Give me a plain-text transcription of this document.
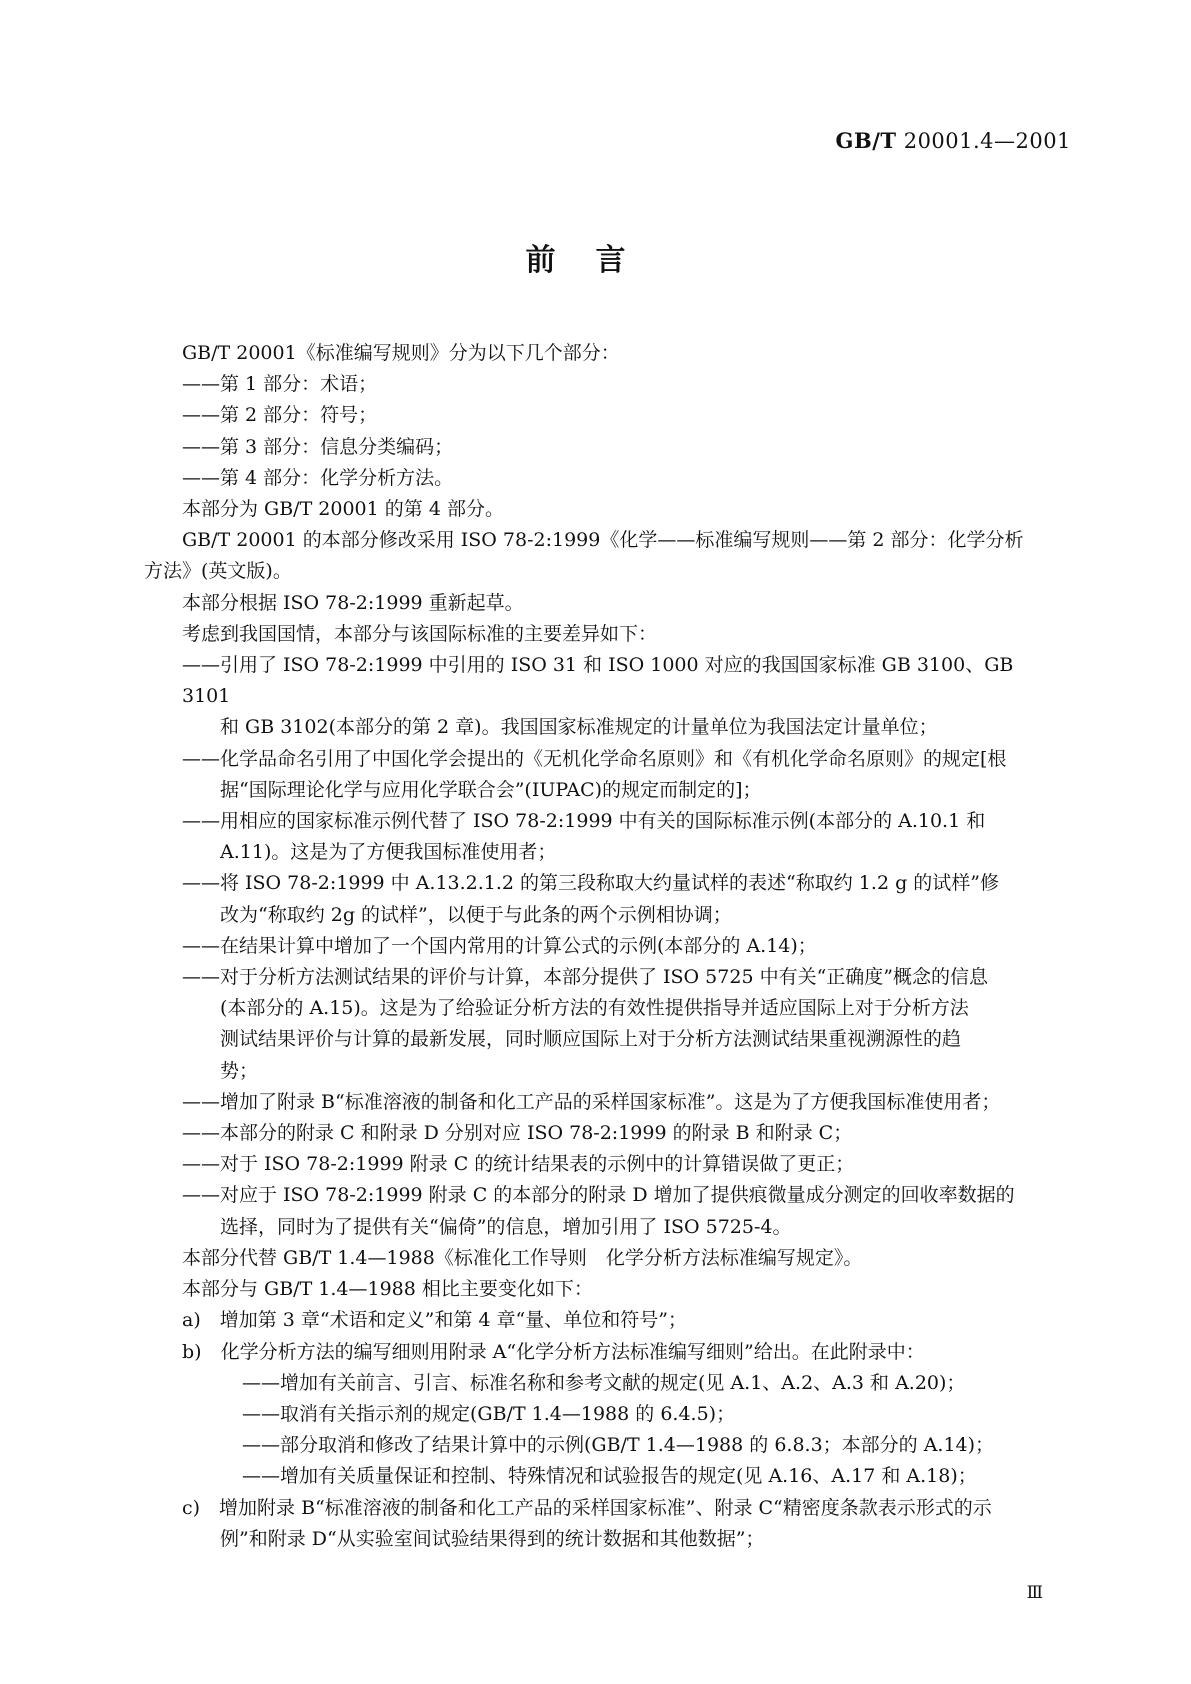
GB/T 20001.4—2001
前言
GB/T 20001《标准编写规则》分为以下几个部分：
——第 1 部分：术语；
——第 2 部分：符号；
——第 3 部分：信息分类编码；
——第 4 部分：化学分析方法。
本部分为 GB/T 20001 的第 4 部分。
GB/T 20001 的本部分修改采用 ISO 78-2:1999《化学——标准编写规则——第 2 部分：化学分析
方法》(英文版)。
本部分根据 ISO 78-2:1999 重新起草。
考虑到我国国情，本部分与该国际标准的主要差异如下：
——引用了 ISO 78-2:1999 中引用的 ISO 31 和 ISO 1000 对应的我国国家标准 GB 3100、GB 3101
和 GB 3102(本部分的第 2 章)。我国国家标准规定的计量单位为我国法定计量单位；
——化学品命名引用了中国化学会提出的《无机化学命名原则》和《有机化学命名原则》的规定[根
据“国际理论化学与应用化学联合会”(IUPAC)的规定而制定的]；
——用相应的国家标准示例代替了 ISO 78-2:1999 中有关的国际标准示例(本部分的 A.10.1 和
A.11)。这是为了方便我国标准使用者；
——将 ISO 78-2:1999 中 A.13.2.1.2 的第三段称取大约量试样的表述“称取约 1.2 g 的试样”修
改为“称取约 2g 的试样”，以便于与此条的两个示例相协调；
——在结果计算中增加了一个国内常用的计算公式的示例(本部分的 A.14)；
——对于分析方法测试结果的评价与计算，本部分提供了 ISO 5725 中有关“正确度”概念的信息
(本部分的 A.15)。这是为了给验证分析方法的有效性提供指导并适应国际上对于分析方法
测试结果评价与计算的最新发展，同时顺应国际上对于分析方法测试结果重视溯源性的趋
势；
——增加了附录 B“标准溶液的制备和化工产品的采样国家标准”。这是为了方便我国标准使用者；
——本部分的附录 C 和附录 D 分别对应 ISO 78-2:1999 的附录 B 和附录 C；
——对于 ISO 78-2:1999 附录 C 的统计结果表的示例中的计算错误做了更正；
——对应于 ISO 78-2:1999 附录 C 的本部分的附录 D 增加了提供痕微量成分测定的回收率数据的
选择，同时为了提供有关“偏倚”的信息，增加引用了 ISO 5725-4。
本部分代替 GB/T 1.4—1988《标准化工作导则　化学分析方法标准编写规定》。
本部分与 GB/T 1.4—1988 相比主要变化如下：
a)　增加第 3 章“术语和定义”和第 4 章“量、单位和符号”；
b)　化学分析方法的编写细则用附录 A“化学分析方法标准编写细则”给出。在此附录中：
——增加有关前言、引言、标准名称和参考文献的规定(见 A.1、A.2、A.3 和 A.20)；
——取消有关指示剂的规定(GB/T 1.4—1988 的 6.4.5)；
——部分取消和修改了结果计算中的示例(GB/T 1.4—1988 的 6.8.3；本部分的 A.14)；
——增加有关质量保证和控制、特殊情况和试验报告的规定(见 A.16、A.17 和 A.18)；
c)　增加附录 B“标准溶液的制备和化工产品的采样国家标准”、附录 C“精密度条款表示形式的示
例”和附录 D“从实验室间试验结果得到的统计数据和其他数据”；
Ⅲ
